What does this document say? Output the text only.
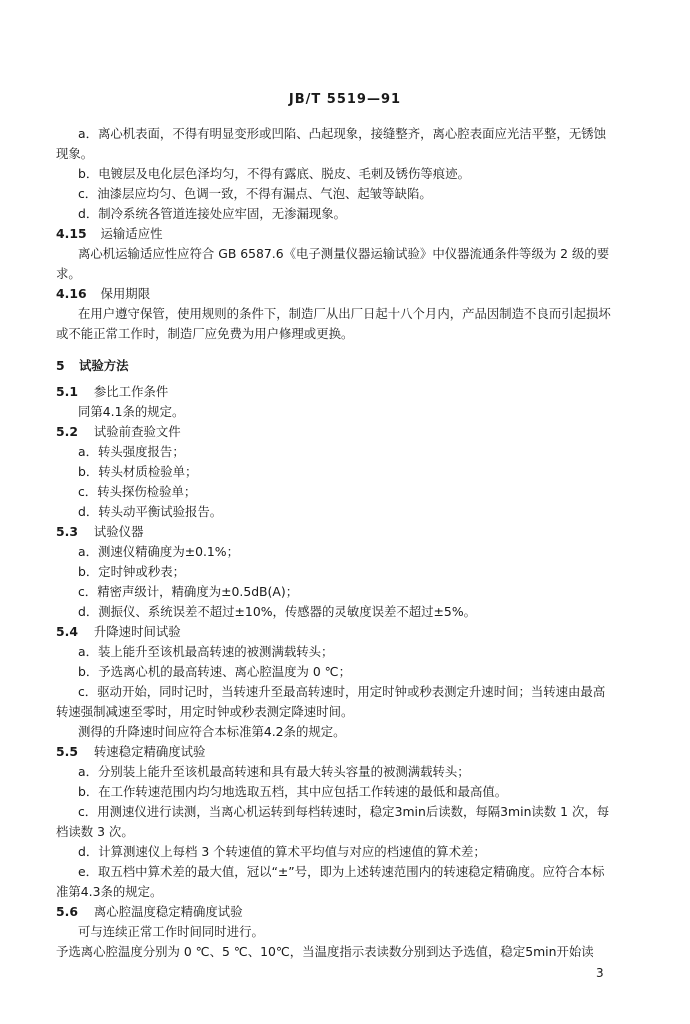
JB/T 5519—91
a．离心机表面，不得有明显变形或凹陷、凸起现象，接缝整齐，离心腔表面应光洁平整，无锈蚀
现象。
b．电镀层及电化层色泽均匀，不得有露底、脱皮、毛刺及锈伤等痕迹。
c．油漆层应均匀、色调一致，不得有漏点、气泡、起皱等缺陷。
d．制冷系统各管道连接处应牢固，无渗漏现象。
4.15 运输适应性
离心机运输适应性应符合 GB 6587.6《电子测量仪器运输试验》中仪器流通条件等级为 2 级的要
求。
4.16 保用期限
在用户遵守保管，使用规则的条件下，制造厂从出厂日起十八个月内，产品因制造不良而引起损坏
或不能正常工作时，制造厂应免费为用户修理或更换。
5 试验方法
5.1 参比工作条件
同第4.1条的规定。
5.2 试验前查验文件
a．转头强度报告；
b．转头材质检验单；
c．转头探伤检验单；
d．转头动平衡试验报告。
5.3 试验仪器
a．测速仪精确度为±0.1%；
b．定时钟或秒表；
c．精密声级计，精确度为±0.5dB(A)；
d．测振仪、系统误差不超过±10%，传感器的灵敏度误差不超过±5%。
5.4 升降速时间试验
a．装上能升至该机最高转速的被测满载转头；
b．予选离心机的最高转速、离心腔温度为 0 ℃；
c．驱动开始，同时记时，当转速升至最高转速时，用定时钟或秒表测定升速时间；当转速由最高
转速强制减速至零时，用定时钟或秒表测定降速时间。
测得的升降速时间应符合本标准第4.2条的规定。
5.5 转速稳定精确度试验
a．分别装上能升至该机最高转速和具有最大转头容量的被测满载转头；
b．在工作转速范围内均匀地选取五档，其中应包括工作转速的最低和最高值。
c．用测速仪进行读测，当离心机运转到每档转速时，稳定3min后读数，每隔3min读数 1 次，每
档读数 3 次。
d．计算测速仪上每档 3 个转速值的算术平均值与对应的档速值的算术差；
e．取五档中算术差的最大值，冠以“±”号，即为上述转速范围内的转速稳定精确度。应符合本标
准第4.3条的规定。
5.6 离心腔温度稳定精确度试验
可与连续正常工作时间同时进行。
予选离心腔温度分别为 0 ℃、5 ℃、10℃，当温度指示表读数分别到达予选值，稳定5min开始读
3
